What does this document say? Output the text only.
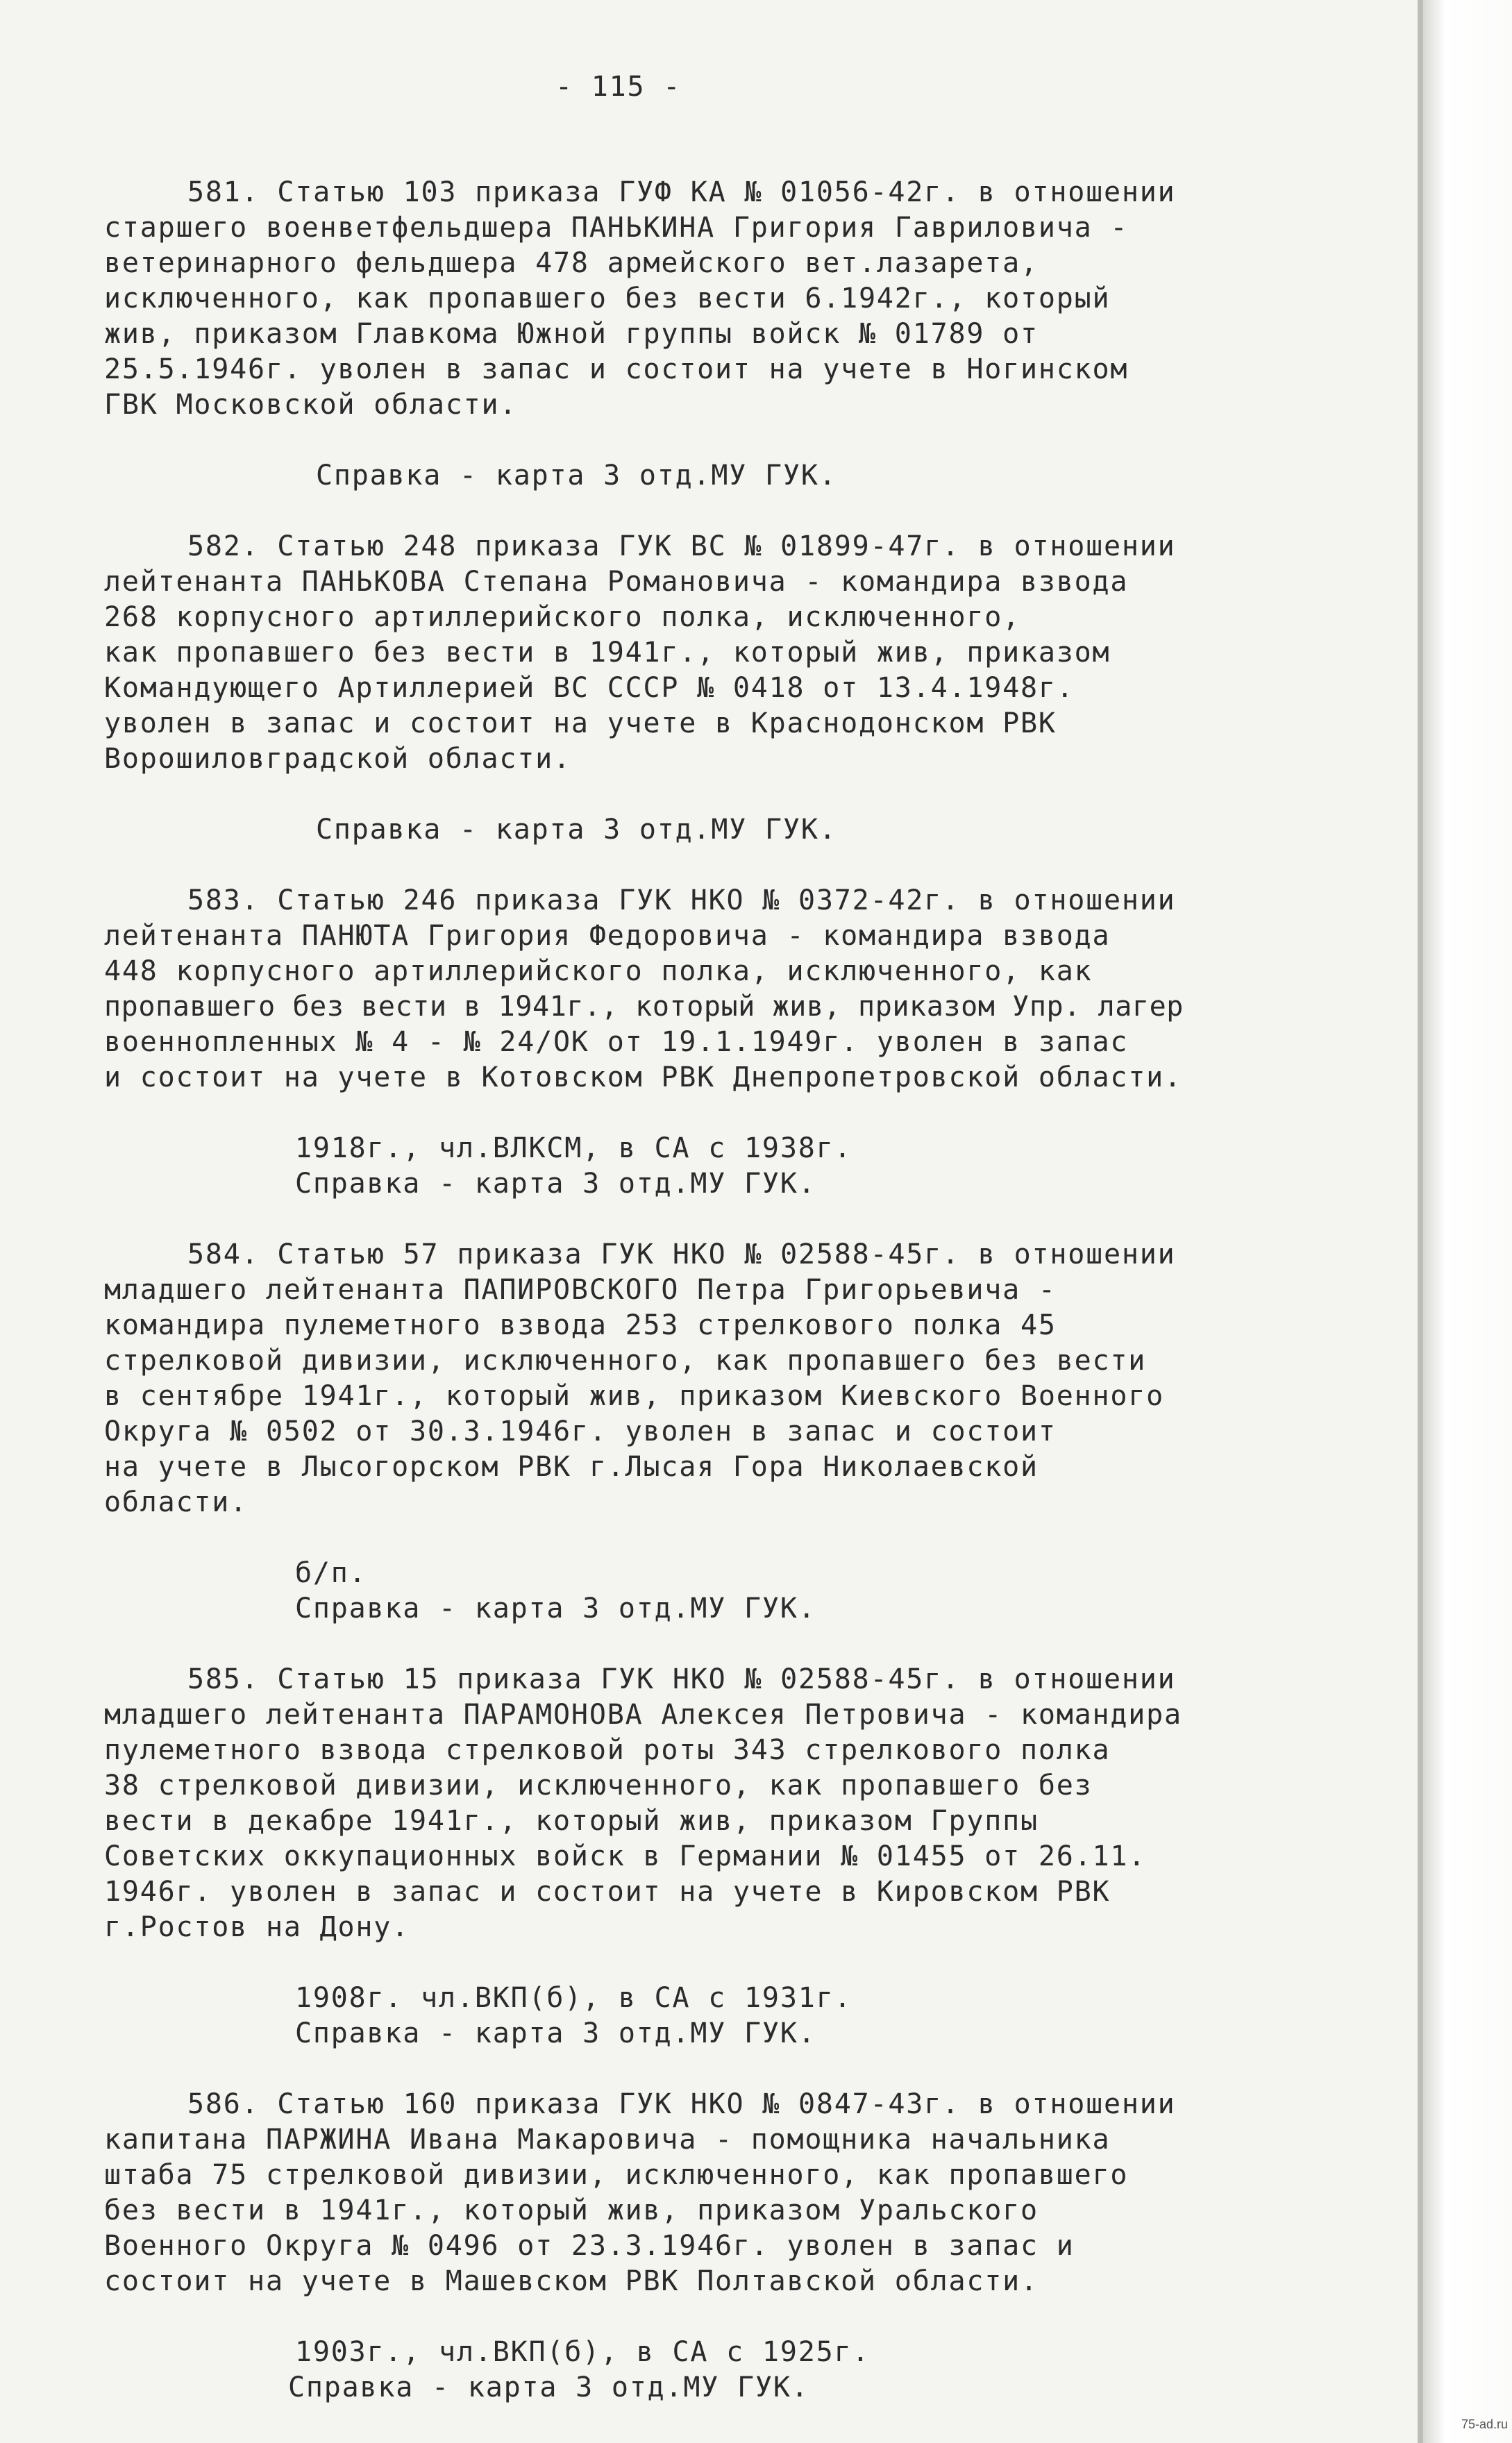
- 115 -

581. Статью 103 приказа ГУФ КА № 01056-42г. в отношении

старшего военветфельдшера ПАНЬКИНА Григория Гавриловича -

ветеринарного фельдшера 478 армейского вет.лазарета,

исключенного, как пропавшего без вести 6.1942г., который

жив, приказом Главкома Южной группы войск № 01789 от

25.5.1946г. уволен в запас и состоит на учете в Ногинском

ГВК Московской области.

Справка - карта 3 отд.МУ ГУК.

582. Статью 248 приказа ГУК ВС № 01899-47г. в отношении

лейтенанта ПАНЬКОВА Степана Романовича - командира взвода

268 корпусного артиллерийского полка, исключенного,

как пропавшего без вести в 1941г., который жив, приказом

Командующего Артиллерией ВС СССР № 0418 от 13.4.1948г.

уволен в запас и состоит на учете в Краснодонском РВК

Ворошиловградской области.

Справка - карта 3 отд.МУ ГУК.

583. Статью 246 приказа ГУК НКО № 0372-42г. в отношении

лейтенанта ПАНЮТА Григория Федоровича - командира взвода

448 корпусного артиллерийского полка, исключенного, как

пропавшего без вести в 1941г., который жив, приказом Упр. лагер

военнопленных № 4 - № 24/ОК от 19.1.1949г. уволен в запас

и состоит на учете в Котовском РВК Днепропетровской области.

1918г., чл.ВЛКСМ, в СА с 1938г.

Справка - карта 3 отд.МУ ГУК.

584. Статью 57 приказа ГУК НКО № 02588-45г. в отношении

младшего лейтенанта ПАПИРОВСКОГО Петра Григорьевича -

командира пулеметного взвода 253 стрелкового полка 45

стрелковой дивизии, исключенного, как пропавшего без вести

в сентябре 1941г., который жив, приказом Киевского Военного

Округа № 0502 от 30.3.1946г. уволен в запас и состоит

на учете в Лысогорском РВК г.Лысая Гора Николаевской

области.

б/п.

Справка - карта 3 отд.МУ ГУК.

585. Статью 15 приказа ГУК НКО № 02588-45г. в отношении

младшего лейтенанта ПАРАМОНОВА Алексея Петровича - командира

пулеметного взвода стрелковой роты 343 стрелкового полка

38 стрелковой дивизии, исключенного, как пропавшего без

вести в декабре 1941г., который жив, приказом Группы

Советских оккупационных войск в Германии № 01455 от 26.11.

1946г. уволен в запас и состоит на учете в Кировском РВК

г.Ростов на Дону.

1908г. чл.ВКП(б), в СА с 1931г.

Справка - карта 3 отд.МУ ГУК.

586. Статью 160 приказа ГУК НКО № 0847-43г. в отношении

капитана ПАРЖИНА Ивана Макаровича - помощника начальника

штаба 75 стрелковой дивизии, исключенного, как пропавшего

без вести в 1941г., который жив, приказом Уральского

Военного Округа № 0496 от 23.3.1946г. уволен в запас и

состоит на учете в Машевском РВК Полтавской области.

1903г., чл.ВКП(б), в СА с 1925г.

Справка - карта 3 отд.МУ ГУК.

75-ad.ru
